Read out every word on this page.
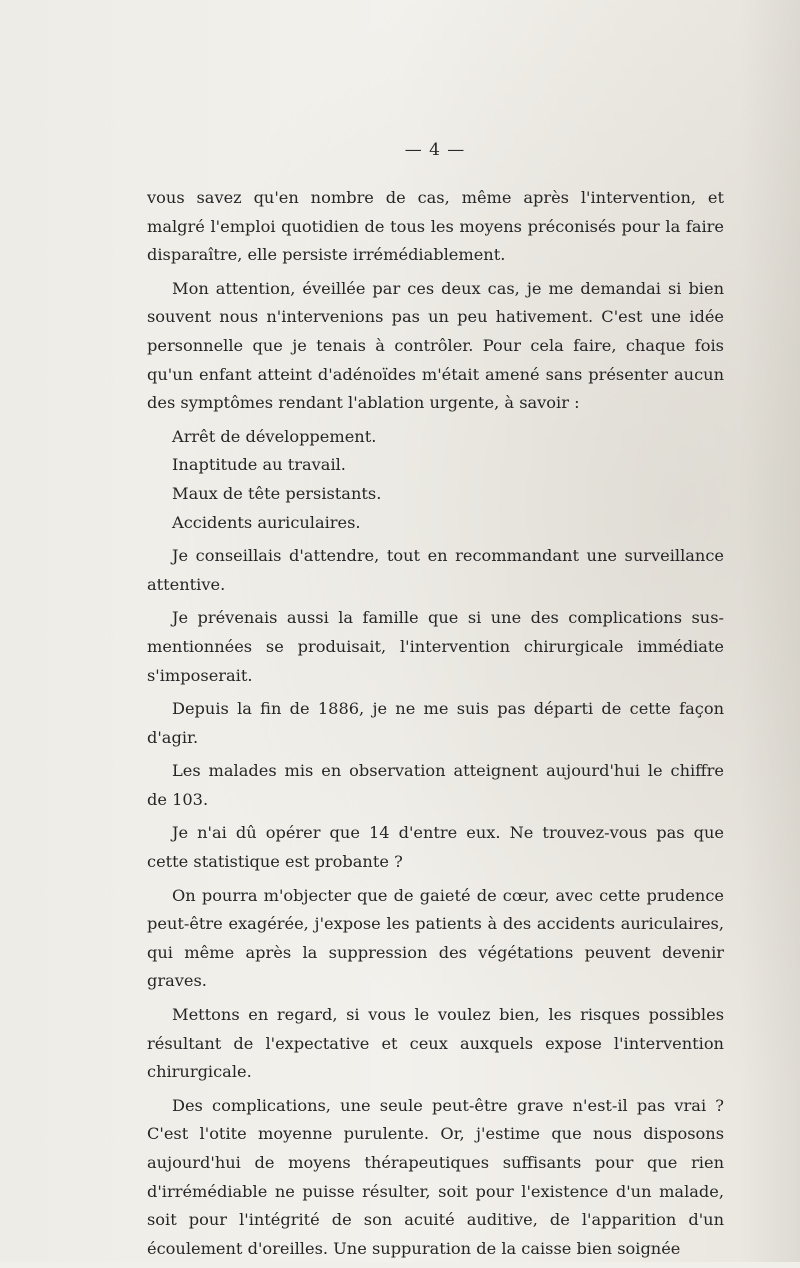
— 4 —

vous savez qu'en nombre de cas, même après l'intervention, et malgré l'emploi quotidien de tous les moyens préconisés pour la faire disparaître, elle persiste irrémédiablement.

Mon attention, éveillée par ces deux cas, je me demandai si bien souvent nous n'intervenions pas un peu hativement. C'est une idée personnelle que je tenais à contrôler. Pour cela faire, chaque fois qu'un enfant atteint d'adénoïdes m'était amené sans présenter aucun des symptômes rendant l'ablation urgente, à savoir :

Arrêt de développement.

Inaptitude au travail.

Maux de tête persistants.

Accidents auriculaires.

Je conseillais d'attendre, tout en recommandant une surveillance attentive.

Je prévenais aussi la famille que si une des complications sus-mentionnées se produisait, l'intervention chirurgicale immédiate s'imposerait.

Depuis la fin de 1886, je ne me suis pas départi de cette façon d'agir.

Les malades mis en observation atteignent aujourd'hui le chiffre de 103.

Je n'ai dû opérer que 14 d'entre eux. Ne trouvez-vous pas que cette statistique est probante ?

On pourra m'objecter que de gaieté de cœur, avec cette prudence peut-être exagérée, j'expose les patients à des accidents auriculaires, qui même après la suppression des végétations peuvent devenir graves.

Mettons en regard, si vous le voulez bien, les risques possibles résultant de l'expectative et ceux auxquels expose l'intervention chirurgicale.

Des complications, une seule peut-être grave n'est-il pas vrai ? C'est l'otite moyenne purulente. Or, j'estime que nous disposons aujourd'hui de moyens thérapeutiques suffisants pour que rien d'irrémédiable ne puisse résulter, soit pour l'existence d'un malade, soit pour l'intégrité de son acuité auditive, de l'apparition d'un écoulement d'oreilles. Une suppuration de la caisse bien soignée
